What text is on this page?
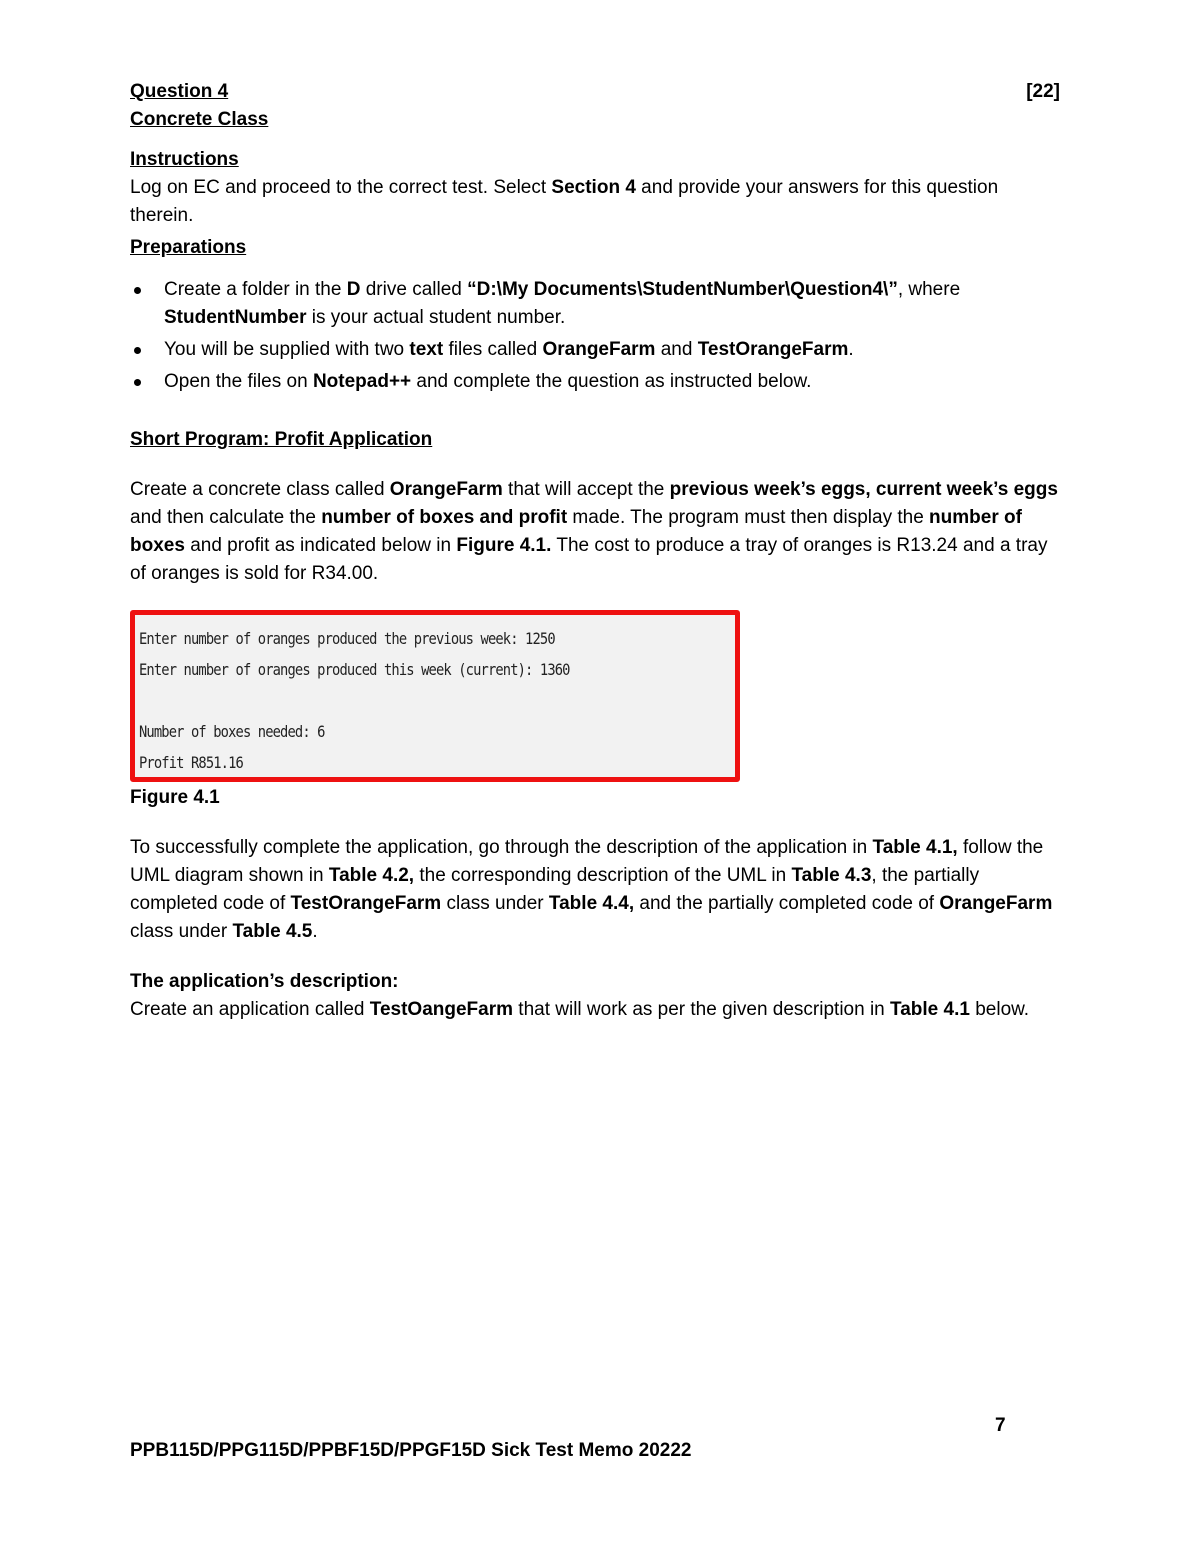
Question 4	[22]
Concrete Class
Instructions

Log on EC and proceed to the correct test. Select Section 4 and provide your answers for this question therein.

Preparations
Create a folder in the D drive called “D:\My Documents\StudentNumber\Question4\”, where StudentNumber is your actual student number.
You will be supplied with two text files called OrangeFarm and TestOrangeFarm.
Open the files on Notepad++ and complete the question as instructed below.
Short Program: Profit Application

Create a concrete class called OrangeFarm that will accept the previous week’s eggs, current week’s eggs and then calculate the number of boxes and profit made. The program must then display the number of boxes and profit as indicated below in Figure 4.1. The cost to produce a tray of oranges is R13.24 and a tray of oranges is sold for R34.00.

Enter number of oranges produced the previous week: 1250
Enter number of oranges produced this week (current): 1360

Number of boxes needed: 6
Profit R851.16
Figure 4.1

To successfully complete the application, go through the description of the application in Table 4.1, follow the UML diagram shown in Table 4.2, the corresponding description of the UML in Table 4.3, the partially completed code of TestOrangeFarm class under Table 4.4, and the partially completed code of OrangeFarm class under Table 4.5.

The application’s description:

Create an application called TestOangeFarm that will work as per the given description in Table 4.1 below.

7
PPB115D/PPG115D/PPBF15D/PPGF15D Sick Test Memo 20222
